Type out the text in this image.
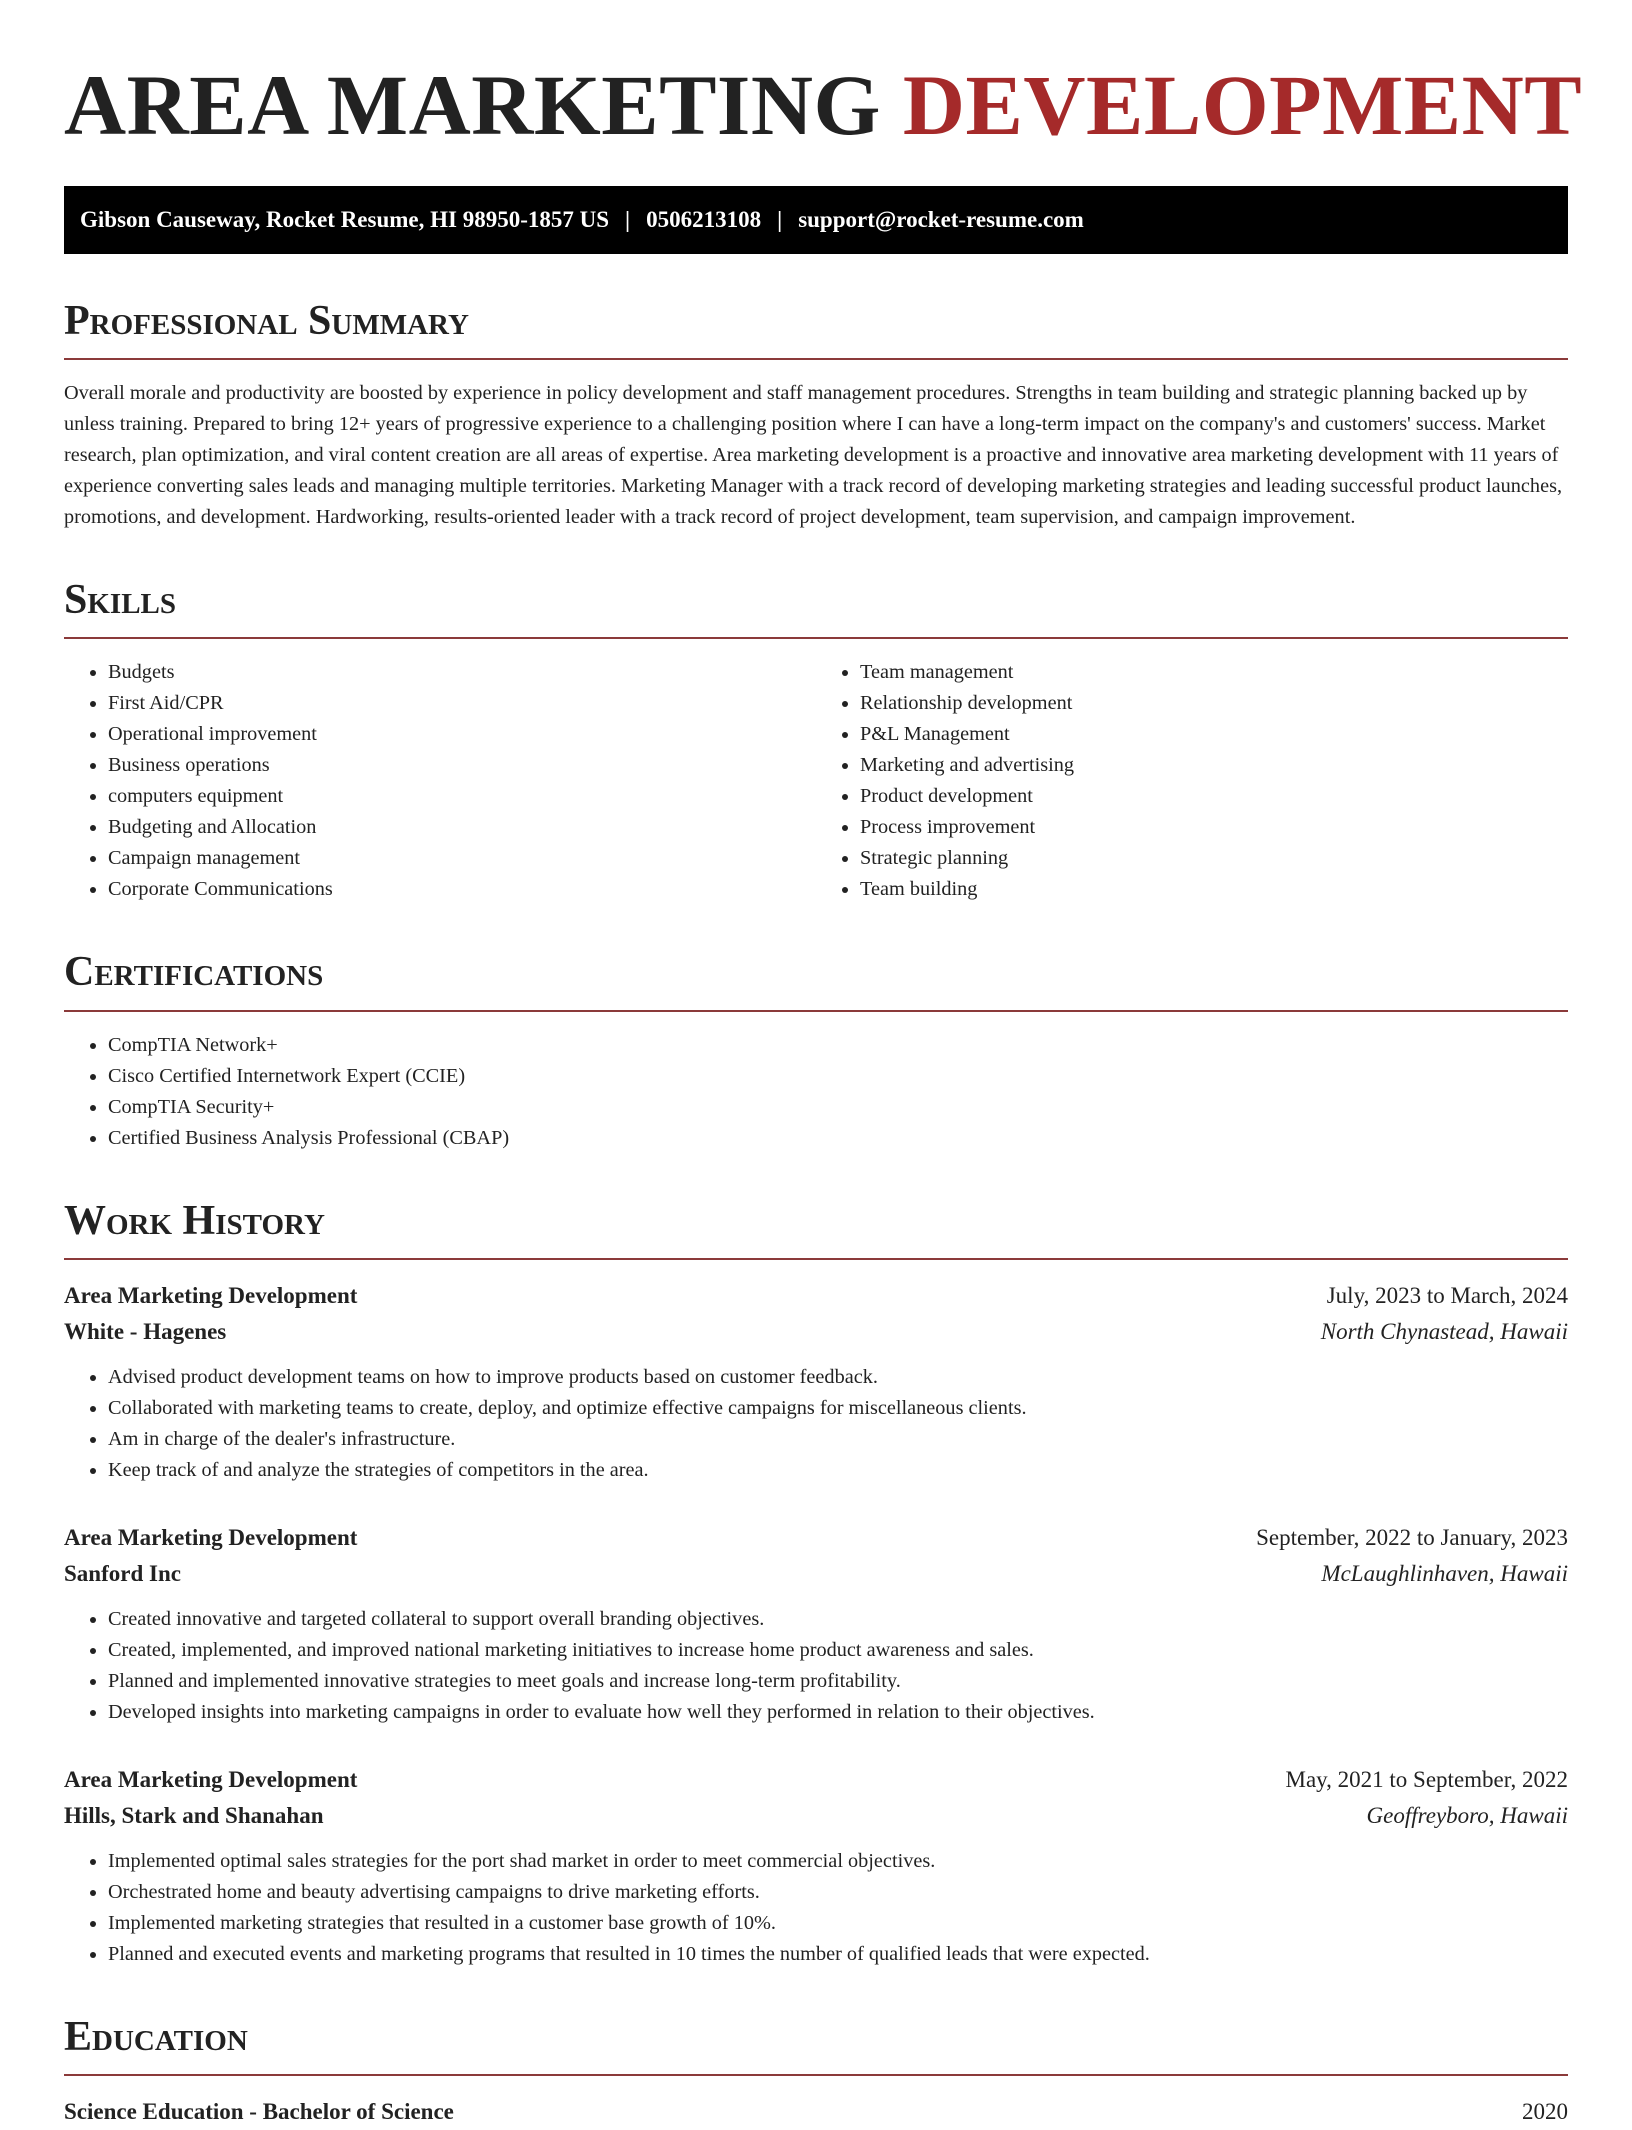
AREA MARKETING DEVELOPMENT
Gibson Causeway, Rocket Resume, HI 98950-1857 US | 0506213108 | support@rocket-resume.com
Professional Summary

Overall morale and productivity are boosted by experience in policy development and staff management procedures. Strengths in team building and strategic planning backed up by unless training. Prepared to bring 12+ years of progressive experience to a challenging position where I can have a long-term impact on the company's and customers' success. Market research, plan optimization, and viral content creation are all areas of expertise. Area marketing development is a proactive and innovative area marketing development with 11 years of experience converting sales leads and managing multiple territories. Marketing Manager with a track record of developing marketing strategies and leading successful product launches, promotions, and development. Hardworking, results-oriented leader with a track record of project development, team supervision, and campaign improvement.

Skills
• Budgets
• First Aid/CPR
• Operational improvement
• Business operations
• computers equipment
• Budgeting and Allocation
• Campaign management
• Corporate Communications
• Team management
• Relationship development
• P&L Management
• Marketing and advertising
• Product development
• Process improvement
• Strategic planning
• Team building
Certifications
• CompTIA Network+
• Cisco Certified Internetwork Expert (CCIE)
• CompTIA Security+
• Certified Business Analysis Professional (CBAP)
Work History
Area Marketing Development	July, 2023 to March, 2024
White - Hagenes	North Chynastead, Hawaii
• Advised product development teams on how to improve products based on customer feedback.
• Collaborated with marketing teams to create, deploy, and optimize effective campaigns for miscellaneous clients.
• Am in charge of the dealer's infrastructure.
• Keep track of and analyze the strategies of competitors in the area.
Area Marketing Development	September, 2022 to January, 2023
Sanford Inc	McLaughlinhaven, Hawaii
• Created innovative and targeted collateral to support overall branding objectives.
• Created, implemented, and improved national marketing initiatives to increase home product awareness and sales.
• Planned and implemented innovative strategies to meet goals and increase long-term profitability.
• Developed insights into marketing campaigns in order to evaluate how well they performed in relation to their objectives.
Area Marketing Development	May, 2021 to September, 2022
Hills, Stark and Shanahan	Geoffreyboro, Hawaii
• Implemented optimal sales strategies for the port shad market in order to meet commercial objectives.
• Orchestrated home and beauty advertising campaigns to drive marketing efforts.
• Implemented marketing strategies that resulted in a customer base growth of 10%.
• Planned and executed events and marketing programs that resulted in 10 times the number of qualified leads that were expected.
Education
Science Education - Bachelor of Science	2020
